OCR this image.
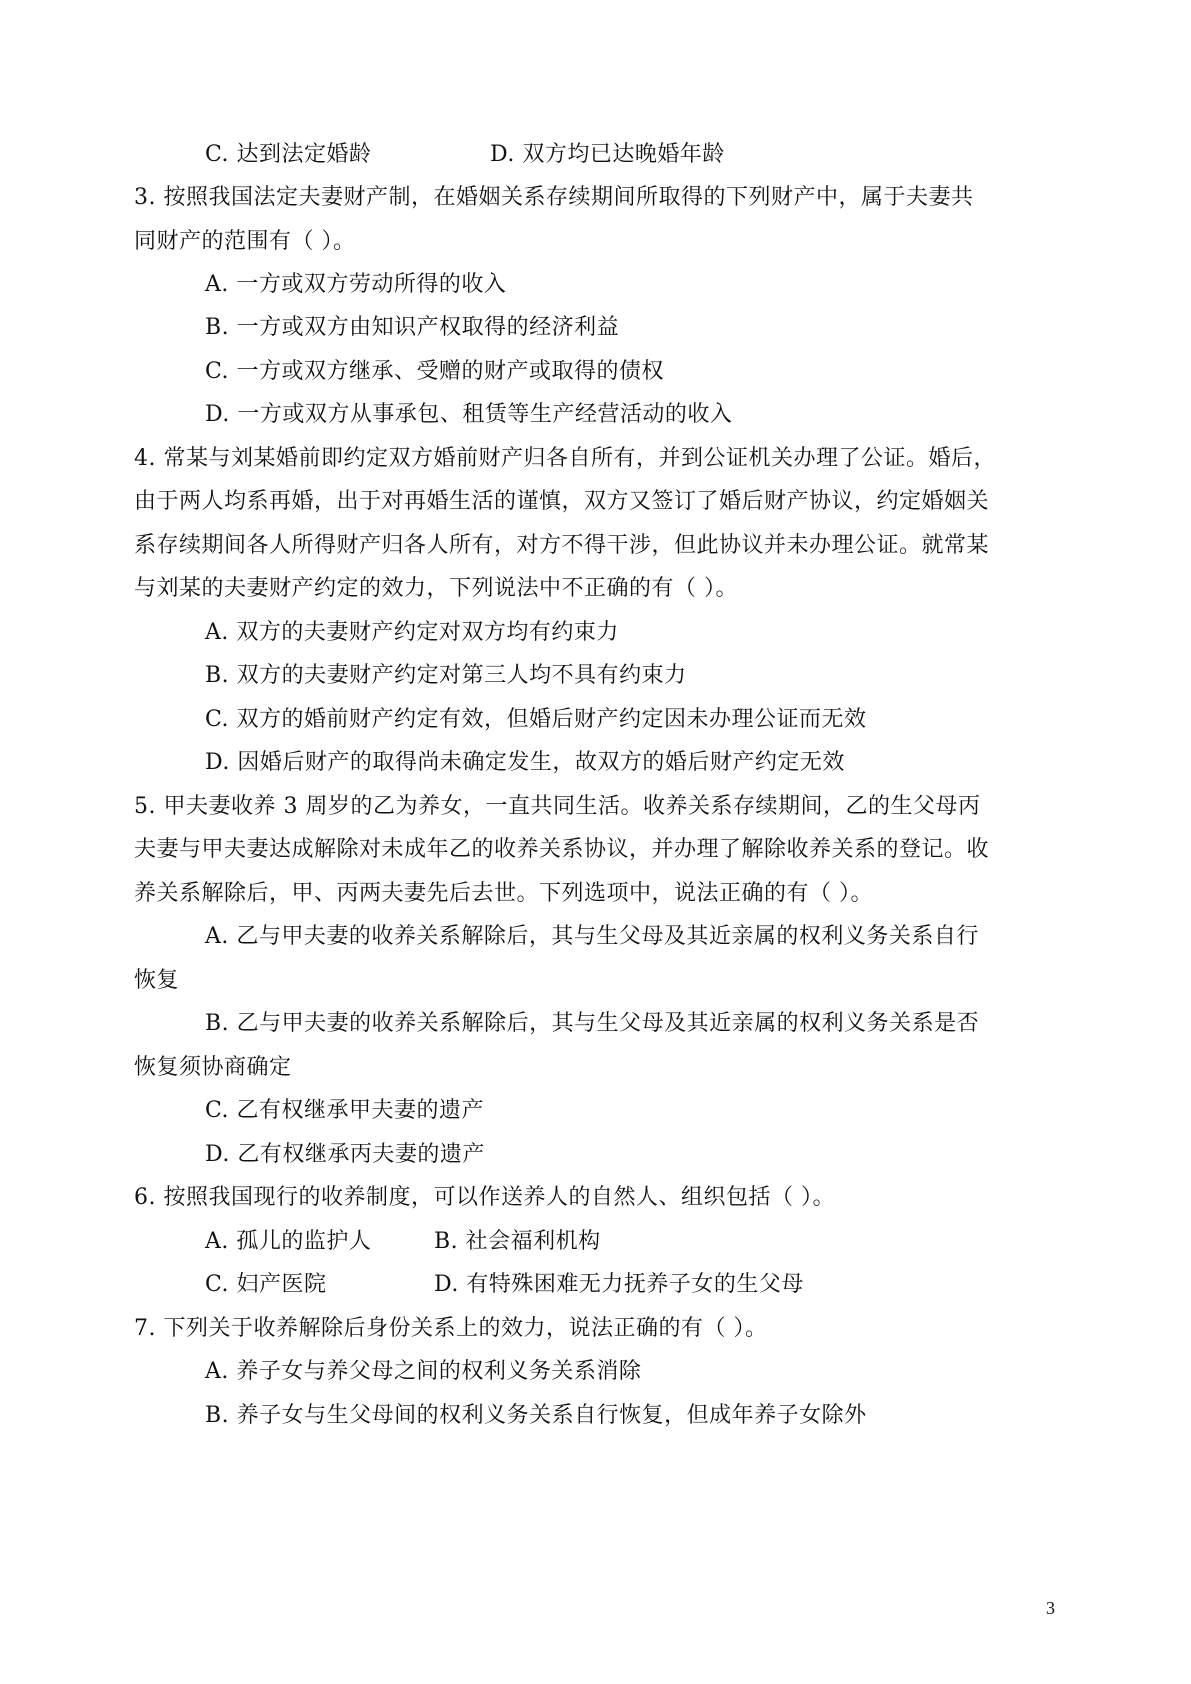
C. 达到法定婚龄	D. 双方均已达晚婚年龄
3. 按照我国法定夫妻财产制，在婚姻关系存续期间所取得的下列财产中，属于夫妻共
同财产的范围有（ ）。
A. 一方或双方劳动所得的收入
B. 一方或双方由知识产权取得的经济利益
C. 一方或双方继承、受赠的财产或取得的债权
D. 一方或双方从事承包、租赁等生产经营活动的收入
4. 常某与刘某婚前即约定双方婚前财产归各自所有，并到公证机关办理了公证。婚后，
由于两人均系再婚，出于对再婚生活的谨慎，双方又签订了婚后财产协议，约定婚姻关
系存续期间各人所得财产归各人所有，对方不得干涉，但此协议并未办理公证。就常某
与刘某的夫妻财产约定的效力，下列说法中不正确的有（ ）。
A. 双方的夫妻财产约定对双方均有约束力
B. 双方的夫妻财产约定对第三人均不具有约束力
C. 双方的婚前财产约定有效，但婚后财产约定因未办理公证而无效
D. 因婚后财产的取得尚未确定发生，故双方的婚后财产约定无效
5. 甲夫妻收养 3 周岁的乙为养女，一直共同生活。收养关系存续期间，乙的生父母丙
夫妻与甲夫妻达成解除对未成年乙的收养关系协议，并办理了解除收养关系的登记。收
养关系解除后，甲、丙两夫妻先后去世。下列选项中，说法正确的有（ ）。
A. 乙与甲夫妻的收养关系解除后，其与生父母及其近亲属的权利义务关系自行
恢复
B. 乙与甲夫妻的收养关系解除后，其与生父母及其近亲属的权利义务关系是否
恢复须协商确定
C. 乙有权继承甲夫妻的遗产
D. 乙有权继承丙夫妻的遗产
6. 按照我国现行的收养制度，可以作送养人的自然人、组织包括（ ）。
A. 孤儿的监护人	B. 社会福利机构
C. 妇产医院	D. 有特殊困难无力抚养子女的生父母
7. 下列关于收养解除后身份关系上的效力，说法正确的有（ ）。
A. 养子女与养父母之间的权利义务关系消除
B. 养子女与生父母间的权利义务关系自行恢复，但成年养子女除外
3
